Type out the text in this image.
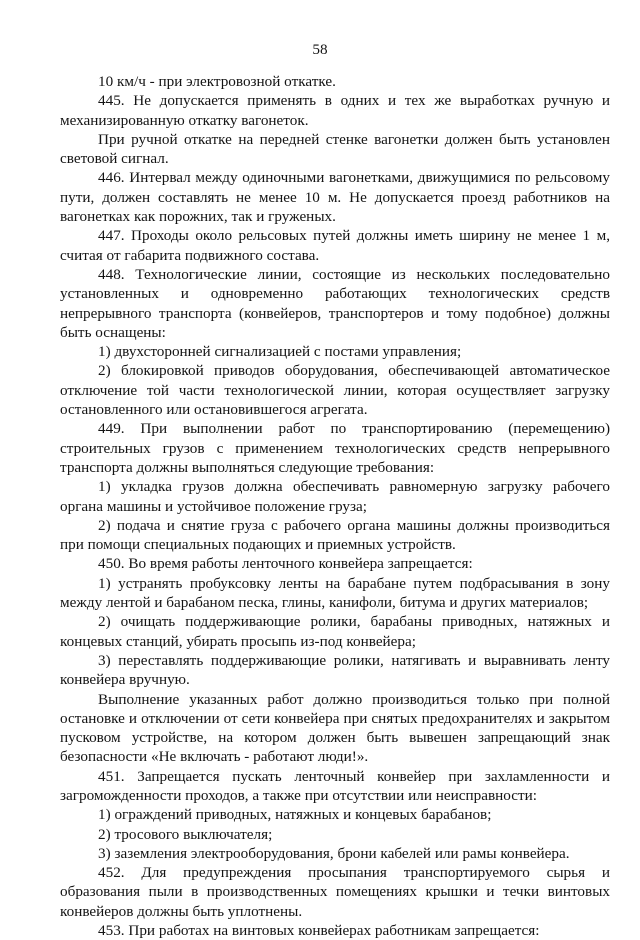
58

10 км/ч - при электровозной откатке.

445. Не допускается применять в одних и тех же выработках ручную и механизированную откатку вагонеток.

При ручной откатке на передней стенке вагонетки должен быть установлен световой сигнал.

446. Интервал между одиночными вагонетками, движущимися по рельсовому пути, должен составлять не менее 10 м. Не допускается проезд работников на вагонетках как порожних, так и груженых.

447. Проходы около рельсовых путей должны иметь ширину не менее 1 м, считая от габарита подвижного состава.

448. Технологические линии, состоящие из нескольких последовательно установленных и одновременно работающих технологических средств непрерывного транспорта (конвейеров, транспортеров и тому подобное) должны быть оснащены:

1) двухсторонней сигнализацией с постами управления;

2) блокировкой приводов оборудования, обеспечивающей автоматическое отключение той части технологической линии, которая осуществляет загрузку остановленного или остановившегося агрегата.

449. При выполнении работ по транспортированию (перемещению) строительных грузов с применением технологических средств непрерывного транспорта должны выполняться следующие требования:

1) укладка грузов должна обеспечивать равномерную загрузку рабочего органа машины и устойчивое положение груза;

2) подача и снятие груза с рабочего органа машины должны производиться при помощи специальных подающих и приемных устройств.

450. Во время работы ленточного конвейера запрещается:

1) устранять пробуксовку ленты на барабане путем подбрасывания в зону между лентой и барабаном песка, глины, канифоли, битума и других материалов;

2) очищать поддерживающие ролики, барабаны приводных, натяжных и концевых станций, убирать просыпь из-под конвейера;

3) переставлять поддерживающие ролики, натягивать и выравнивать ленту конвейера вручную.

Выполнение указанных работ должно производиться только при полной остановке и отключении от сети конвейера при снятых предохранителях и закрытом пусковом устройстве, на котором должен быть вывешен запрещающий знак безопасности «Не включать - работают люди!».

451. Запрещается пускать ленточный конвейер при захламленности и загроможденности проходов, а также при отсутствии или неисправности:

1) ограждений приводных, натяжных и концевых барабанов;

2) тросового выключателя;

3) заземления электрооборудования, брони кабелей или рамы конвейера.

452. Для предупреждения просыпания транспортируемого сырья и образования пыли в производственных помещениях крышки и течки винтовых конвейеров должны быть уплотнены.

453. При работах на винтовых конвейерах работникам запрещается:
